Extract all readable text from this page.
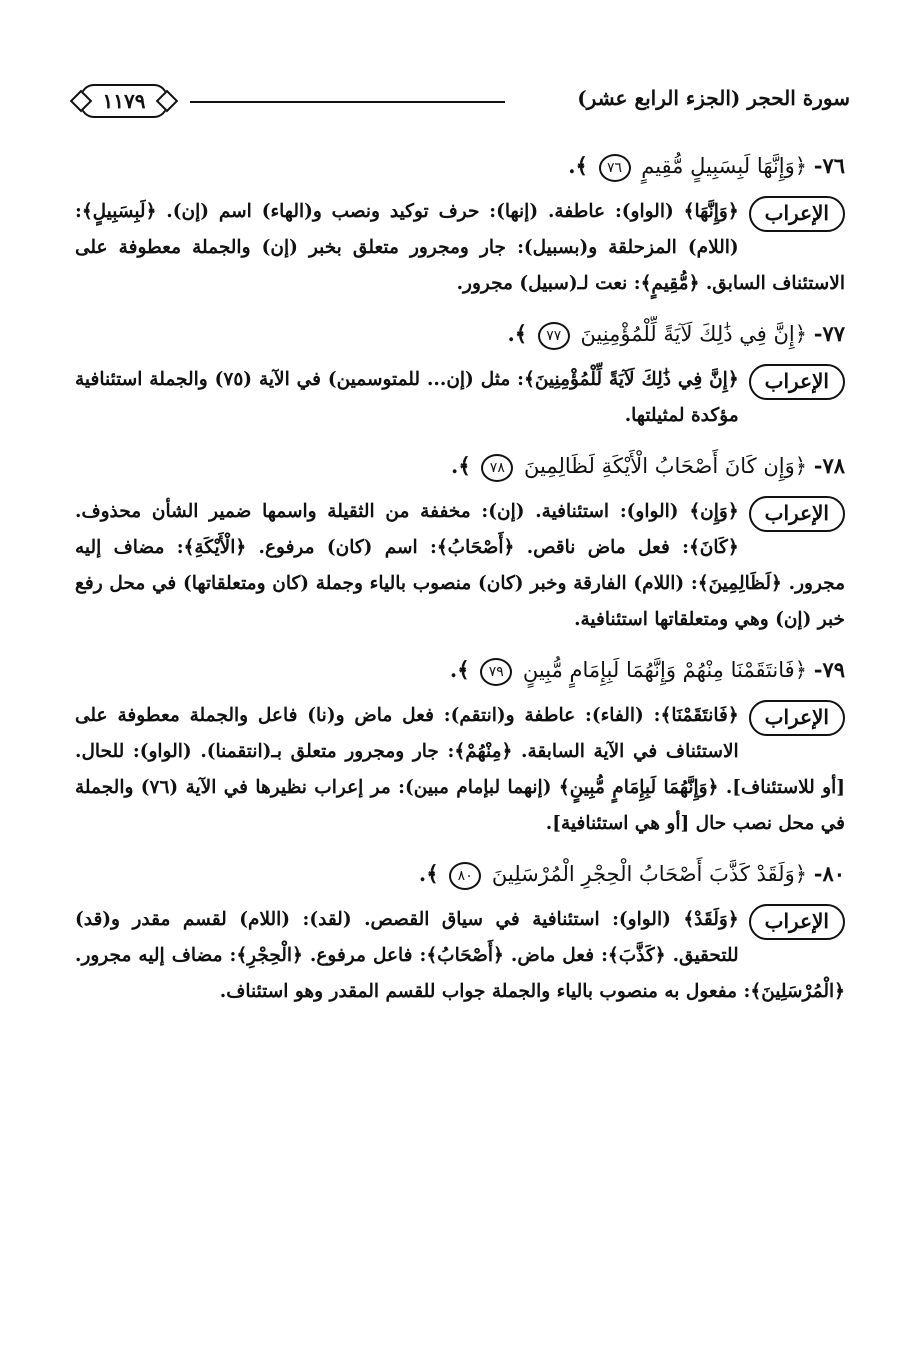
سورة الحجر (الجزء الرابع عشر)
١١٧٩

٧٦- ﴿وَإِنَّهَا لَبِسَبِيلٍ مُّقِيمٍ ٧٦ ﴾.

الإعراب
﴿وَإِنَّهَا﴾ (الواو): عاطفة. (إنها): حرف توكيد ونصب و(الهاء) اسم (إن). ﴿لَبِسَبِيلٍ﴾: (اللام) المزحلقة و(بسبيل): جار ومجرور متعلق بخبر (إن) والجملة معطوفة على الاستئناف السابق. ﴿مُّقِيمٍ﴾: نعت لـ(سبيل) مجرور.

٧٧- ﴿إِنَّ فِي ذَٰلِكَ لَآيَةً لِّلْمُؤْمِنِينَ ٧٧ ﴾.

الإعراب
﴿إِنَّ فِي ذَٰلِكَ لَآيَةً لِّلْمُؤْمِنِينَ﴾: مثل (إن... للمتوسمين) في الآية (٧٥) والجملة استئنافية مؤكدة لمثيلتها.

٧٨- ﴿وَإِن كَانَ أَصْحَابُ الْأَيْكَةِ لَظَالِمِينَ ٧٨ ﴾.

الإعراب
﴿وَإِن﴾ (الواو): استئنافية. (إن): مخففة من الثقيلة واسمها ضمير الشأن محذوف. ﴿كَانَ﴾: فعل ماض ناقص. ﴿أَصْحَابُ﴾: اسم (كان) مرفوع. ﴿الْأَيْكَةِ﴾: مضاف إليه مجرور. ﴿لَظَالِمِينَ﴾: (اللام) الفارقة وخبر (كان) منصوب بالياء وجملة (كان ومتعلقاتها) في محل رفع خبر (إن) وهي ومتعلقاتها استئنافية.

٧٩- ﴿فَانتَقَمْنَا مِنْهُمْ وَإِنَّهُمَا لَبِإِمَامٍ مُّبِينٍ ٧٩ ﴾.

الإعراب
﴿فَانتَقَمْنَا﴾: (الفاء): عاطفة و(انتقم): فعل ماض و(نا) فاعل والجملة معطوفة على الاستئناف في الآية السابقة. ﴿مِنْهُمْ﴾: جار ومجرور متعلق بـ(انتقمنا). (الواو): للحال. [أو للاستئناف]. ﴿وَإِنَّهُمَا لَبِإِمَامٍ مُّبِينٍ﴾ (إنهما لبإمام مبين): مر إعراب نظيرها في الآية (٧٦) والجملة في محل نصب حال [أو هي استئنافية].

٨٠- ﴿وَلَقَدْ كَذَّبَ أَصْحَابُ الْحِجْرِ الْمُرْسَلِينَ ٨٠ ﴾.

الإعراب
﴿وَلَقَدْ﴾ (الواو): استئنافية في سياق القصص. (لقد): (اللام) لقسم مقدر و(قد) للتحقيق. ﴿كَذَّبَ﴾: فعل ماض. ﴿أَصْحَابُ﴾: فاعل مرفوع. ﴿الْحِجْرِ﴾: مضاف إليه مجرور. ﴿الْمُرْسَلِينَ﴾: مفعول به منصوب بالياء والجملة جواب للقسم المقدر وهو استئناف.
